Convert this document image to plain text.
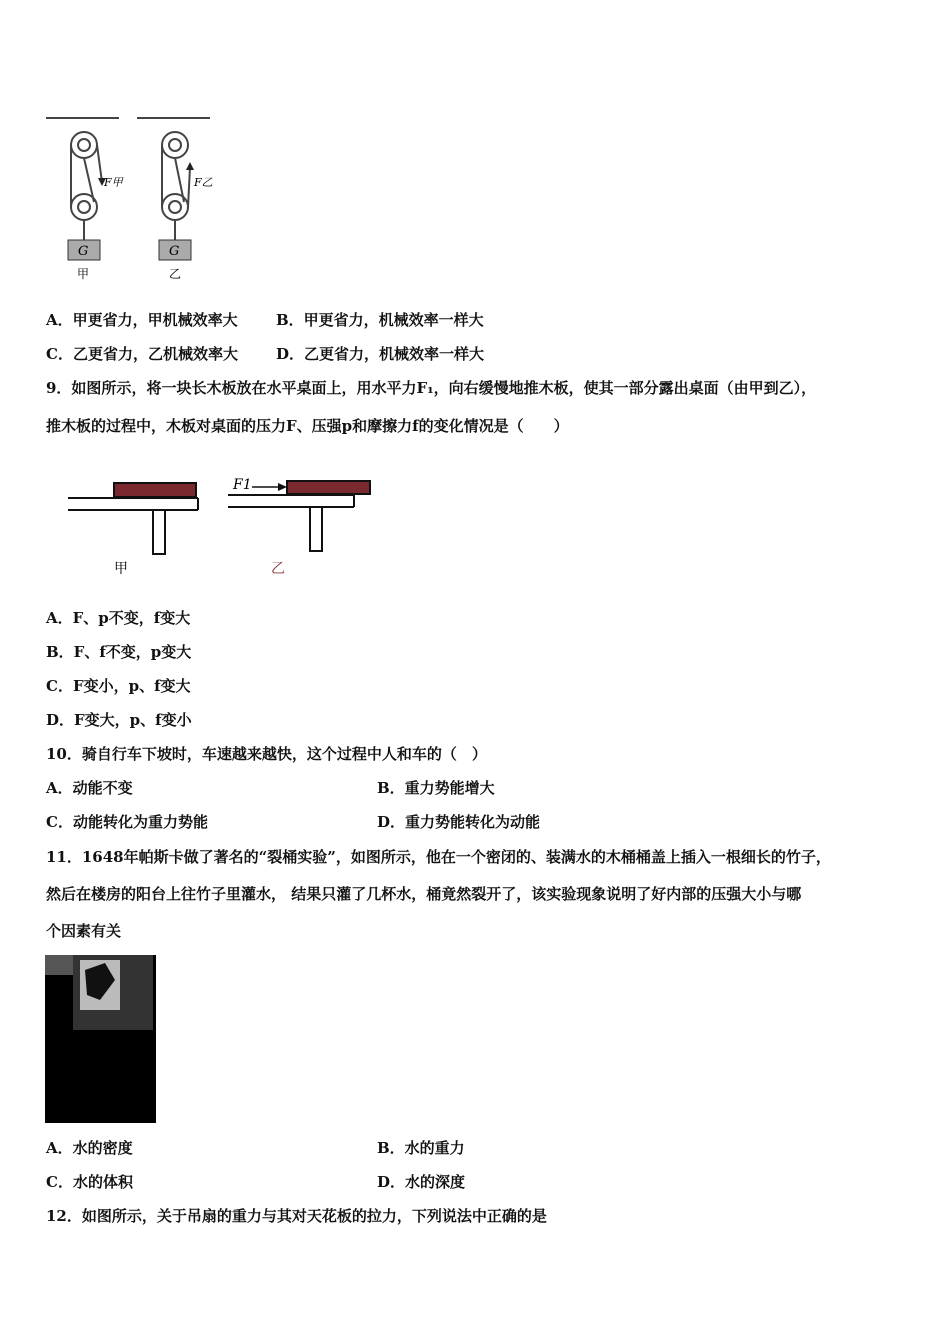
G	G
F甲	F乙
甲	乙
A．甲更省力，甲机械效率大	B．甲更省力，机械效率一样大
C．乙更省力，乙机械效率大	D．乙更省力，机械效率一样大
9．如图所示，将一块长木板放在水平桌面上，用水平力F₁，向右缓慢地推木板，使其一部分露出桌面（由甲到乙），
推木板的过程中，木板对桌面的压力F、压强p和摩擦力f的变化情况是（　　）
F1
甲	乙
A．F、p不变，f变大
B．F、f不变，p变大
C．F变小，p、f变大
D．F变大，p、f变小
10．骑自行车下坡时，车速越来越快，这个过程中人和车的（　）
A．动能不变	B．重力势能增大
C．动能转化为重力势能	D．重力势能转化为动能
11．1648年帕斯卡做了著名的“裂桶实验”，如图所示，他在一个密闭的、装满水的木桶桶盖上插入一根细长的竹子，
然后在楼房的阳台上往竹子里灌水， 结果只灌了几杯水，桶竟然裂开了，该实验现象说明了好内部的压强大小与哪
个因素有关
A．水的密度	B．水的重力
C．水的体积	D．水的深度
12．如图所示，关于吊扇的重力与其对天花板的拉力，下列说法中正确的是
